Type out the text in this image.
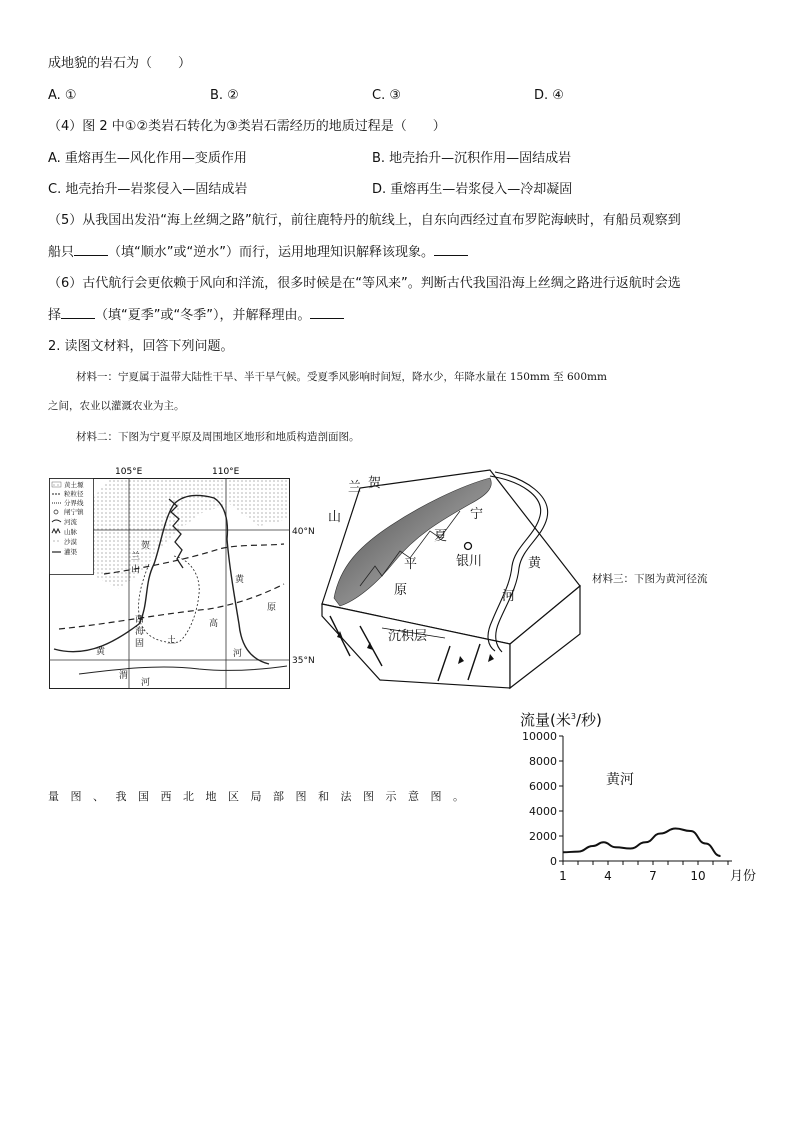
成地貌的岩石为（　　）
A. ①	B. ②	C. ③	D. ④
（4）图 2 中①②类岩石转化为③类岩石需经历的地质过程是（　　）
A. 重熔再生—风化作用—变质作用	B. 地壳抬升—沉积作用—固结成岩
C. 地壳抬升—岩浆侵入—固结成岩	D. 重熔再生—岩浆侵入—冷却凝固
（5）从我国出发沿“海上丝绸之路”航行，前往鹿特丹的航线上，自东向西经过直布罗陀海峡时，有船员观察到
船只	（填“顺水”或“逆水”）而行，运用地理知识解释该现象。
（6）古代航行会更依赖于风向和洋流，很多时候是在“等风来”。判断古代我国沿海上丝绸之路进行返航时会选
择	（填“夏季”或“冬季”），并解释理由。
2. 读图文材料，回答下列问题。
材料一：宁夏属于温带大陆性干旱、半干旱气候。受夏季风影响时间短，降水少，年降水量在 150mm 至 600mm
之间，农业以灌溉农业为主。
材料二：下图为宁夏平原及周围地区地形和地质构造剖面图。
黄土塬
粒粒径
分界线
闸宁镇
河流
山脉
沙漠
灌渠
105°E	110°E
贺
兰
山
西
海
固	土
高
黄
原
河
黄
渭
河
40°N
35°N
贺
兰
山	宁
夏
平
原
银川	黄
河
沉积层
材料三：下图为黄河径流
量图、我国西北地区局部图和法图示意图。
流量(米$^3$/秒)
0
2000
4000
6000
8000
10000
1	4	7	10 月份
黄河
